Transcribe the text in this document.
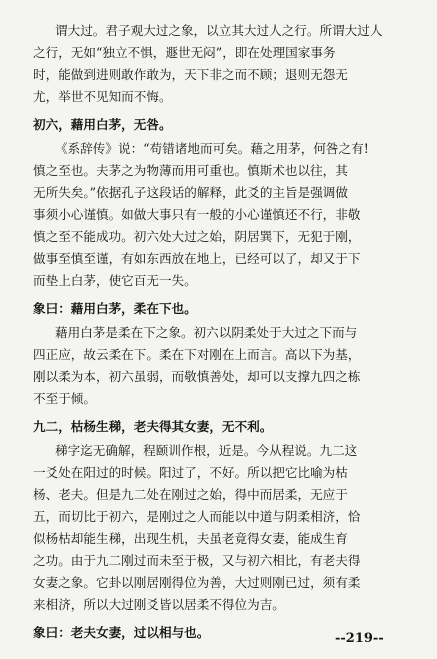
谓大过。君子观大过之象，以立其大过人之行。所谓大过人
之行，无如“独立不惧，遯世无闷”，即在处理国家事务
时，能做到进则敢作敢为，天下非之而不顾；退则无怨无
尤，举世不见知而不悔。
初六，藉用白茅，无咎。
《系辞传》说：“苟错诸地而可矣。藉之用茅，何咎之有!
慎之至也。夫茅之为物薄而用可重也。慎斯术也以往，其
无所失矣。”依据孔子这段话的解释，此爻的主旨是强调做
事须小心谨慎。如做大事只有一般的小心谨慎还不行，非敬
慎之至不能成功。初六处大过之始，阴居巽下，无犯于刚，
做事至慎至谨，有如东西放在地上，已经可以了，却又于下
而垫上白茅，使它百无一失。
象曰：藉用白茅，柔在下也。
藉用白茅是柔在下之象。初六以阴柔处于大过之下而与
四正应，故云柔在下。柔在下对刚在上而言。高以下为基，
刚以柔为本，初六虽弱，而敬慎善处，却可以支撑九四之栋
不至于倾。
九二，枯杨生稊，老夫得其女妻，无不利。
稊字迄无确解，程颐训作根，近是。今从程说。九二这
一爻处在阳过的时候。阳过了，不好。所以把它比喻为枯
杨、老夫。但是九二处在刚过之始，得中而居柔，无应于
五，而切比于初六，是刚过之人而能以中道与阴柔相济，恰
似杨枯却能生稊，出现生机，夫虽老竟得女妻，能成生育
之功。由于九二刚过而未至于极，又与初六相比，有老夫得
女妻之象。它卦以刚居刚得位为善，大过则刚已过，须有柔
来相济，所以大过刚爻皆以居柔不得位为吉。
象曰：老夫女妻，过以相与也。	--219--
